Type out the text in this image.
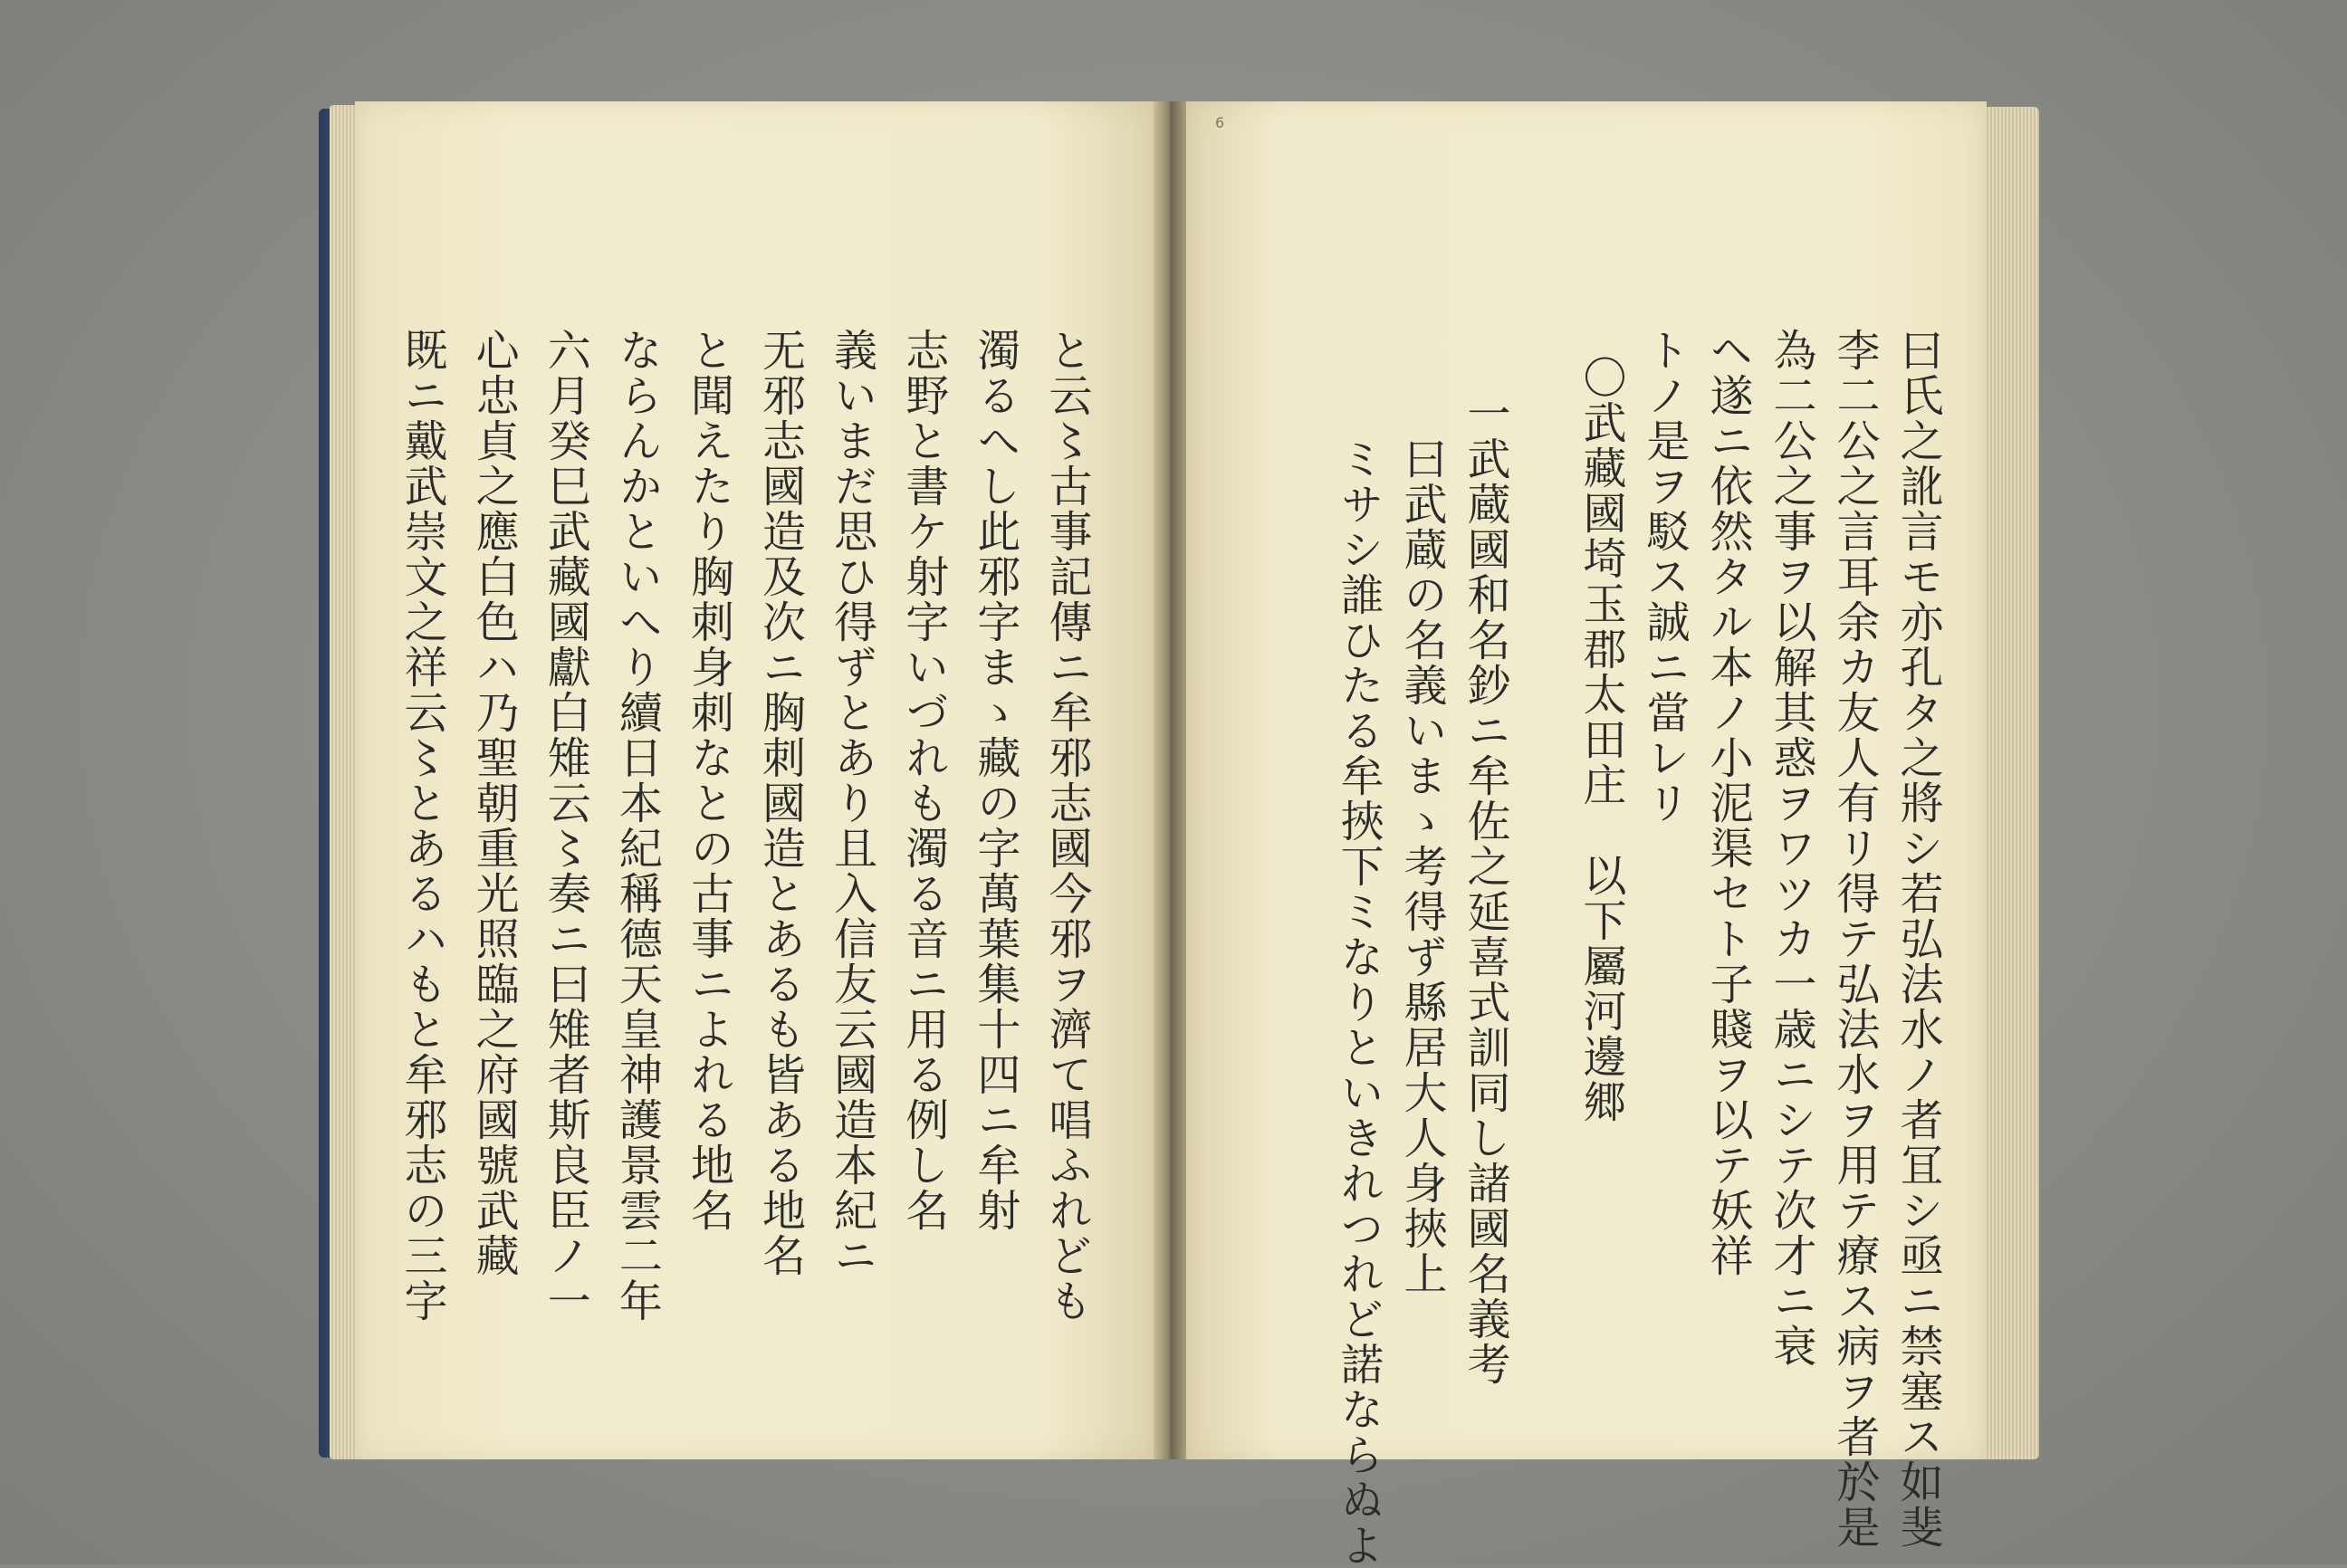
6
と云〻古事記傳ニ牟邪志國今邪ヲ濟て唱ふれども
濁るへし此邪字まゝ藏の字萬葉集十四ニ牟射
志野と書ケ射字いづれも濁る音ニ用る例し名
義いまだ思ひ得ずとあり且入信友云國造本紀ニ
无邪志國造及次ニ胸刺國造とあるも皆ある地名
と聞えたり胸刺身刺なとの古事ニよれる地名
ならんかといへり續日本紀稱德天皇神護景雲二年
六月癸巳武藏國獻白雉云〻奏ニ曰雉者斯良臣ノ一
心忠貞之應白色ハ乃聖朝重光照臨之府國號武藏
既ニ戴武崇文之祥云〻とあるハもと牟邪志の三字	曰氏之訛言モ亦孔タ之將シ若弘法水ノ者冝シ亟ニ禁塞ス如斐
李二公之言耳余カ友人有リ得テ弘法水ヲ用テ療ス病ヲ者於是
為二公之事ヲ以解其惑ヲワツカ一歳ニシテ次才ニ衰
ヘ遂ニ依然タル本ノ小泥渠セト子賤ヲ以テ妖祥
トノ是ヲ駁ス誠ニ當レリ
〇武藏國埼玉郡太田庄　以下屬河邊郷
一武蔵國和名鈔ニ牟佐之延喜式訓同し諸國名義考
曰武蔵の名義いまゝ考得ず縣居大人身挾上
ミサシ誰ひたる牟挾下ミなりといきれつれど諾ならぬよ
